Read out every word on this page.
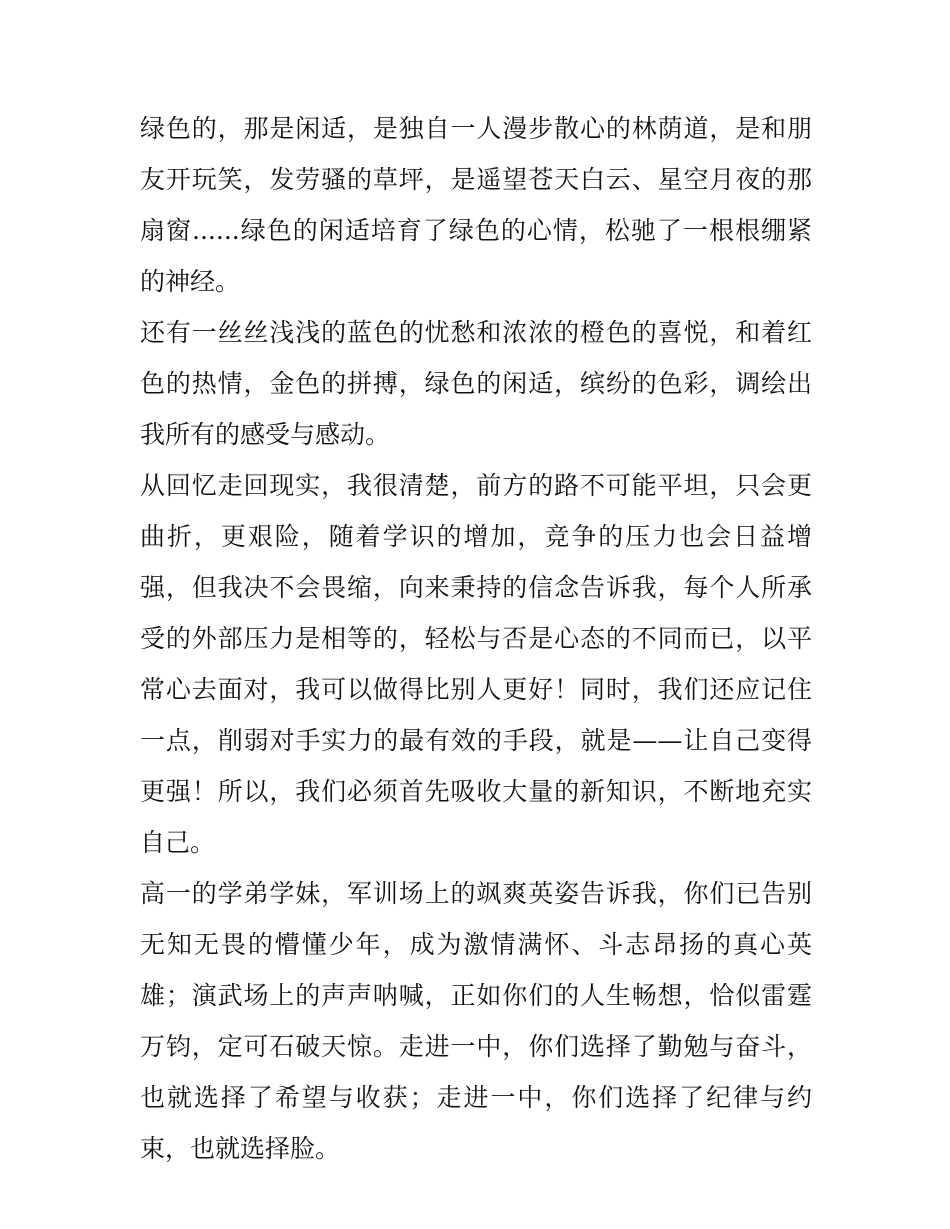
绿色的，那是闲适，是独自一人漫步散心的林荫道，是和朋友开玩笑，发劳骚的草坪，是遥望苍天白云、星空月夜的那扇窗......绿色的闲适培育了绿色的心情，松驰了一根根绷紧的神经。

还有一丝丝浅浅的蓝色的忧愁和浓浓的橙色的喜悦，和着红色的热情，金色的拼搏，绿色的闲适，缤纷的色彩，调绘出我所有的感受与感动。

从回忆走回现实，我很清楚，前方的路不可能平坦，只会更曲折，更艰险，随着学识的增加，竞争的压力也会日益增强，但我决不会畏缩，向来秉持的信念告诉我，每个人所承受的外部压力是相等的，轻松与否是心态的不同而已，以平常心去面对，我可以做得比别人更好！同时，我们还应记住一点，削弱对手实力的最有效的手段，就是——让自己变得更强！所以，我们必须首先吸收大量的新知识，不断地充实自己。

高一的学弟学妹，军训场上的飒爽英姿告诉我，你们已告别无知无畏的懵懂少年，成为激情满怀、斗志昂扬的真心英雄；演武场上的声声呐喊，正如你们的人生畅想，恰似雷霆万钧，定可石破天惊。走进一中，你们选择了勤勉与奋斗，也就选择了希望与收获；走进一中，你们选择了纪律与约束，也就选择脸。
